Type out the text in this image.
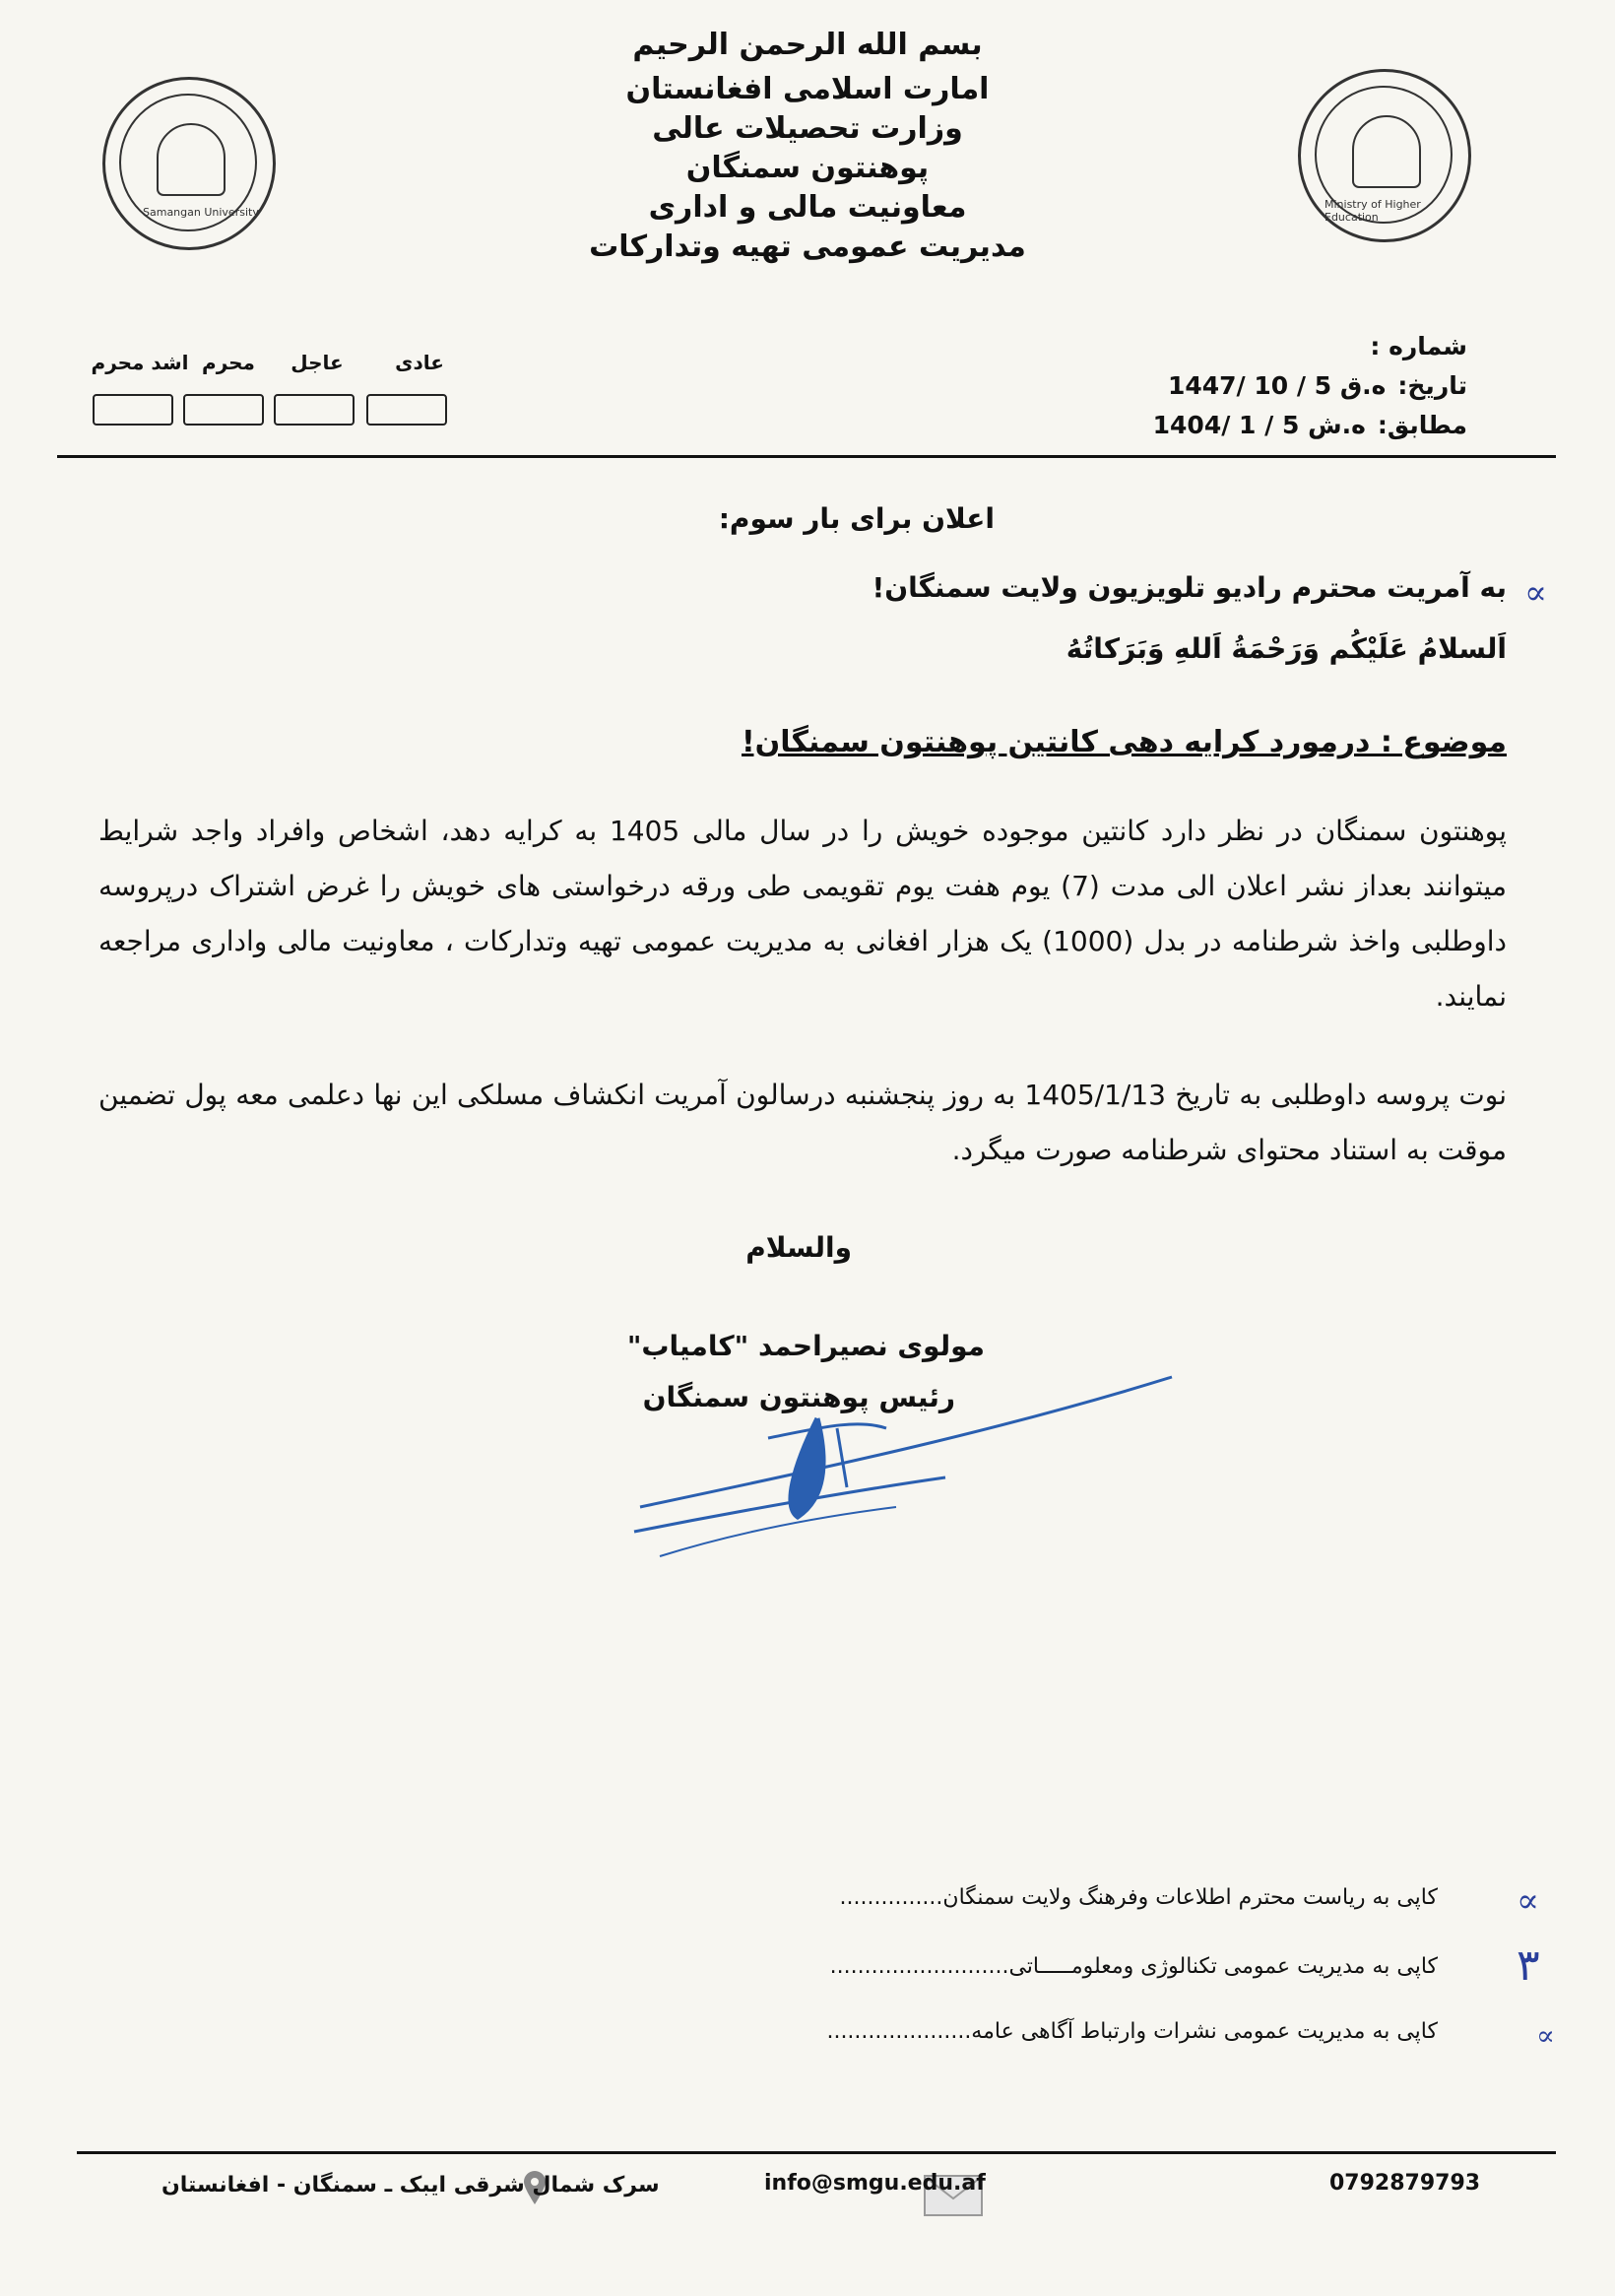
Samangan University
Ministry of Higher Education
بسم الله الرحمن الرحيم
امارت اسلامی افغانستان
وزارت تحصیلات عالی
پوهنتون سمنگان
معاونیت مالی و اداری
مدیریت عمومی تهیه وتدارکات
عادی
عاجل
محرم
اشد محرم
شماره :
تاریخ:
1447/ 10 / 5 ه.ق
مطابق:
1404/ 1 / 5 ه.ش
اعلان برای بار سوم:
∝
به آمریت محترم رادیو تلویزیون ولایت سمنگان!
اَلسلامُ عَلَیْکُم وَرَحْمَةُ اَللهِ وَبَرَکاتُهُ
موضوع : درمورد کرایه دهی کانتین پوهنتون سمنگان!
پوهنتون سمنگان در نظر دارد کانتین موجوده خویش را در سال مالی 1405 به کرایه دهد، اشخاص وافراد واجد شرایط میتوانند بعداز نشر اعلان الی مدت (7) یوم هفت یوم تقویمی طی ورقه درخواستی های خویش را غرض اشتراک درپروسه داوطلبی واخذ شرطنامه در بدل (1000) یک هزار افغانی به مدیریت عمومی تهیه وتدارکات ، معاونیت مالی واداری مراجعه نمایند.
نوت پروسه داوطلبی به تاریخ 1405/1/13 به روز پنجشنبه درسالون آمریت انکشاف مسلکی این نها دعلمی معه پول تضمین موقت به استناد محتوای شرطنامه صورت میگرد.
والسلام
مولوی نصیراحمد "کامیاب"
رئیس پوهنتون سمنگان
∝
کاپی به ریاست محترم اطلاعات وفرهنگ ولایت سمنگان...............
٣
کاپی به مدیریت عمومی تکنالوژی ومعلومـــــاتی..........................
∝
کاپی به مدیریت عمومی نشرات وارتباط آگاهی عامه.....................
0792879793
info@smgu.edu.af
سرک شمال شرقی ایبک ـ سمنگان - افغانستان
